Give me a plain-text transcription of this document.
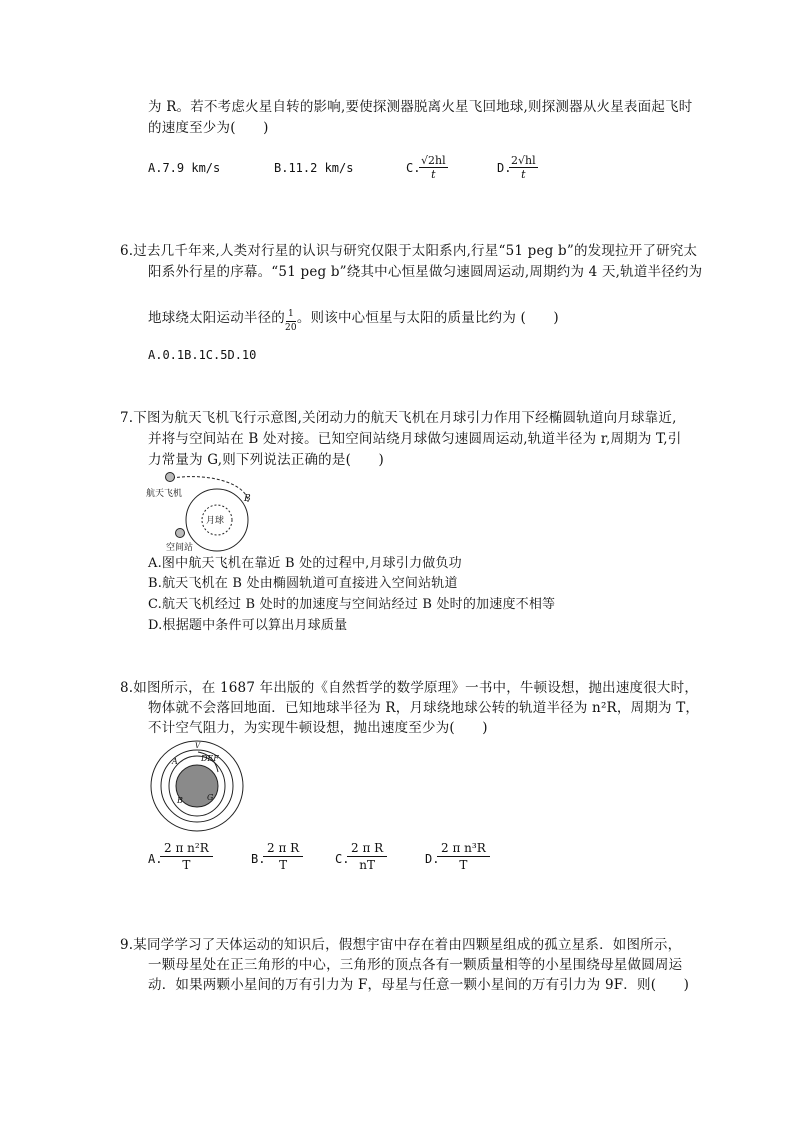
为 R。若不考虑火星自转的影响,要使探测器脱离火星飞回地球,则探测器从火星表面起飞时
的速度至少为(　　)
A.7.9 km/s	B.11.2 km/s	C.
$\frac{√2hl}{t}$	D.
$\frac{2√hl}{t}$
6.过去几千年来,人类对行星的认识与研究仅限于太阳系内,行星“51 peg b”的发现拉开了研究太
阳系外行星的序幕。“51 peg b”绕其中心恒星做匀速圆周运动,周期约为 4 天,轨道半径约为
地球绕太阳运动半径的 $\frac{1}{20}$ 。则该中心恒星与太阳的质量比约为 (　　)
A.0.1B.1C.5D.10
7.下图为航天飞机飞行示意图,关闭动力的航天飞机在月球引力作用下经椭圆轨道向月球靠近,
并将与空间站在 B 处对接。已知空间站绕月球做匀速圆周运动,轨道半径为 r,周期为 T,引
力常量为 G,则下列说法正确的是(　　)
航天飞机	B
月球
空间站
A.图中航天飞机在靠近 B 处的过程中,月球引力做负功
B.航天飞机在 B 处由椭圆轨道可直接进入空间站轨道
C.航天飞机经过 B 处时的加速度与空间站经过 B 处时的加速度不相等
D.根据题中条件可以算出月球质量
8.如图所示，在 1687 年出版的《自然哲学的数学原理》一书中，牛顿设想，抛出速度很大时，
物体就不会落回地面．已知地球半径为 R，月球绕地球公转的轨道半径为 n²R，周期为 T，
不计空气阻力，为实现牛顿设想，抛出速度至少为(　　)
V
A	DEF
B	G
A.
$\frac{\text{2 π n²R}}{T}$	B.
$\frac{\text{2 π R}}{T}$	C.
$\frac{\text{2 π R}}{nT}$	D.
$\frac{\text{2 π n³R}}{T}$
9.某同学学习了天体运动的知识后，假想宇宙中存在着由四颗星组成的孤立星系．如图所示，
一颗母星处在正三角形的中心，三角形的顶点各有一颗质量相等的小星围绕母星做圆周运
动．如果两颗小星间的万有引力为 F，母星与任意一颗小星间的万有引力为 9F．则(　　)
